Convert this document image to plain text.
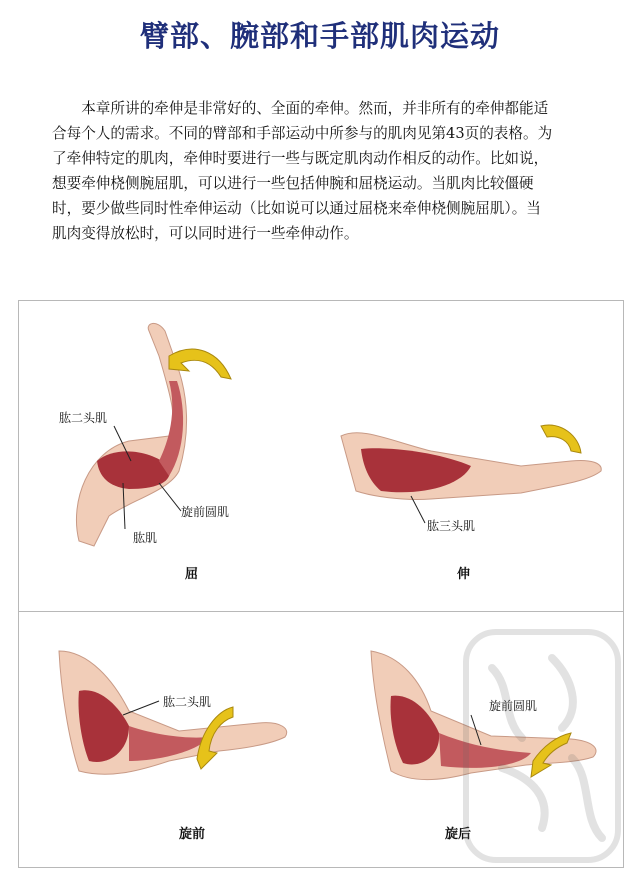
臂部、腕部和手部肌肉运动
本章所讲的牵伸是非常好的、全面的牵伸。然而，并非所有的牵伸都能适
合每个人的需求。不同的臂部和手部运动中所参与的肌肉见第43页的表格。为
了牵伸特定的肌肉，牵伸时要进行一些与既定肌肉动作相反的动作。比如说，
想要牵伸桡侧腕屈肌，可以进行一些包括伸腕和屈桡运动。当肌肉比较僵硬
时，要少做些同时性牵伸运动（比如说可以通过屈桡来牵伸桡侧腕屈肌）。当
肌肉变得放松时，可以同时进行一些牵伸动作。
肱二头肌
旋前圆肌
肱肌
屈
肱三头肌
伸
肱二头肌
旋前
旋前圆肌
旋后
